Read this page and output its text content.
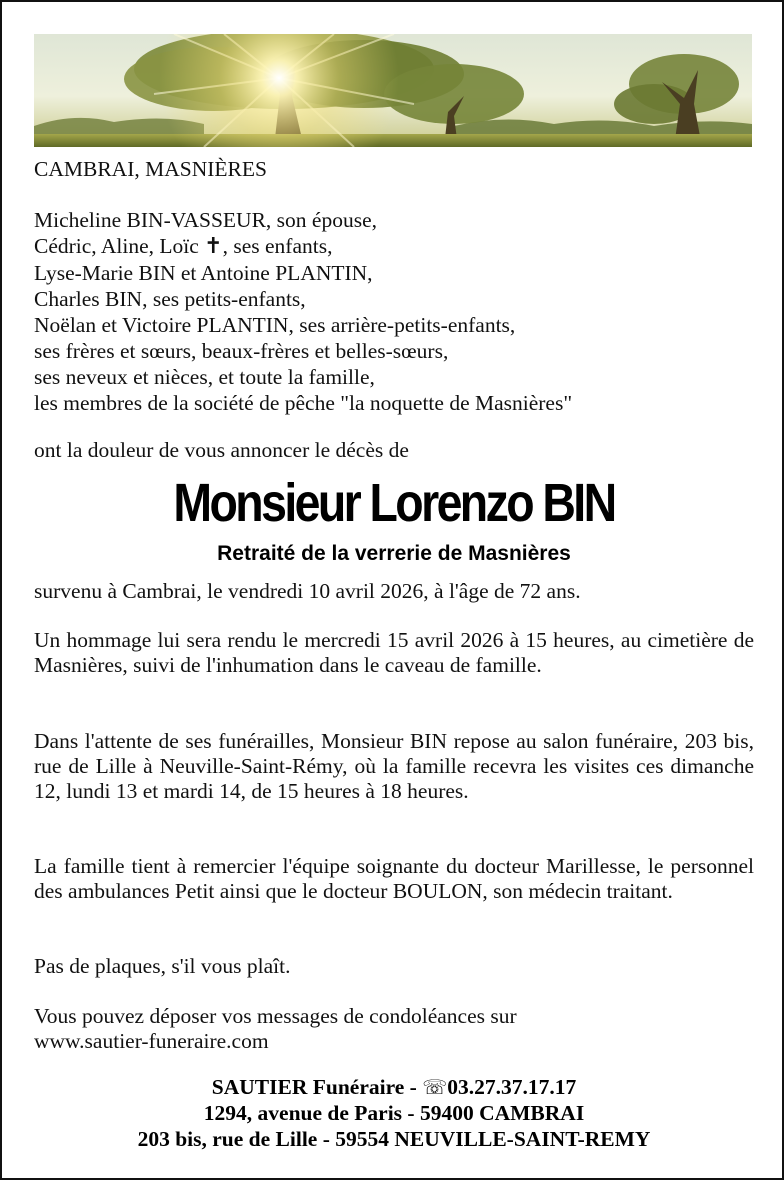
CAMBRAI, MASNIÈRES
Micheline BIN-VASSEUR, son épouse,
Cédric, Aline, Loïc ✝, ses enfants,
Lyse-Marie BIN et Antoine PLANTIN,
Charles BIN, ses petits-enfants,
Noëlan et Victoire PLANTIN, ses arrière-petits-enfants,
ses frères et sœurs, beaux-frères et belles-sœurs,
ses neveux et nièces, et toute la famille,
les membres de la société de pêche "la noquette de Masnières"
ont la douleur de vous annoncer le décès de
Monsieur Lorenzo BIN
Retraité de la verrerie de Masnières
survenu à Cambrai, le vendredi 10 avril 2026, à l'âge de 72 ans.

Un hommage lui sera rendu le mercredi 15 avril 2026 à 15 heures, au cimetière de Masnières, suivi de l'inhumation dans le caveau de famille.

Dans l'attente de ses funérailles, Monsieur BIN repose au salon funéraire, 203 bis, rue de Lille à Neuville-Saint-Rémy, où la famille recevra les visites ces dimanche 12, lundi 13 et mardi 14, de 15 heures à 18 heures.

La famille tient à remercier l'équipe soignante du docteur Marillesse, le personnel des ambulances Petit ainsi que le docteur BOULON, son médecin traitant.

Pas de plaques, s'il vous plaît.

Vous pouvez déposer vos messages de condoléances sur
www.sautier-funeraire.com

SAUTIER Funéraire - ☏03.27.37.17.17
1294, avenue de Paris - 59400 CAMBRAI
203 bis, rue de Lille - 59554 NEUVILLE-SAINT-REMY
